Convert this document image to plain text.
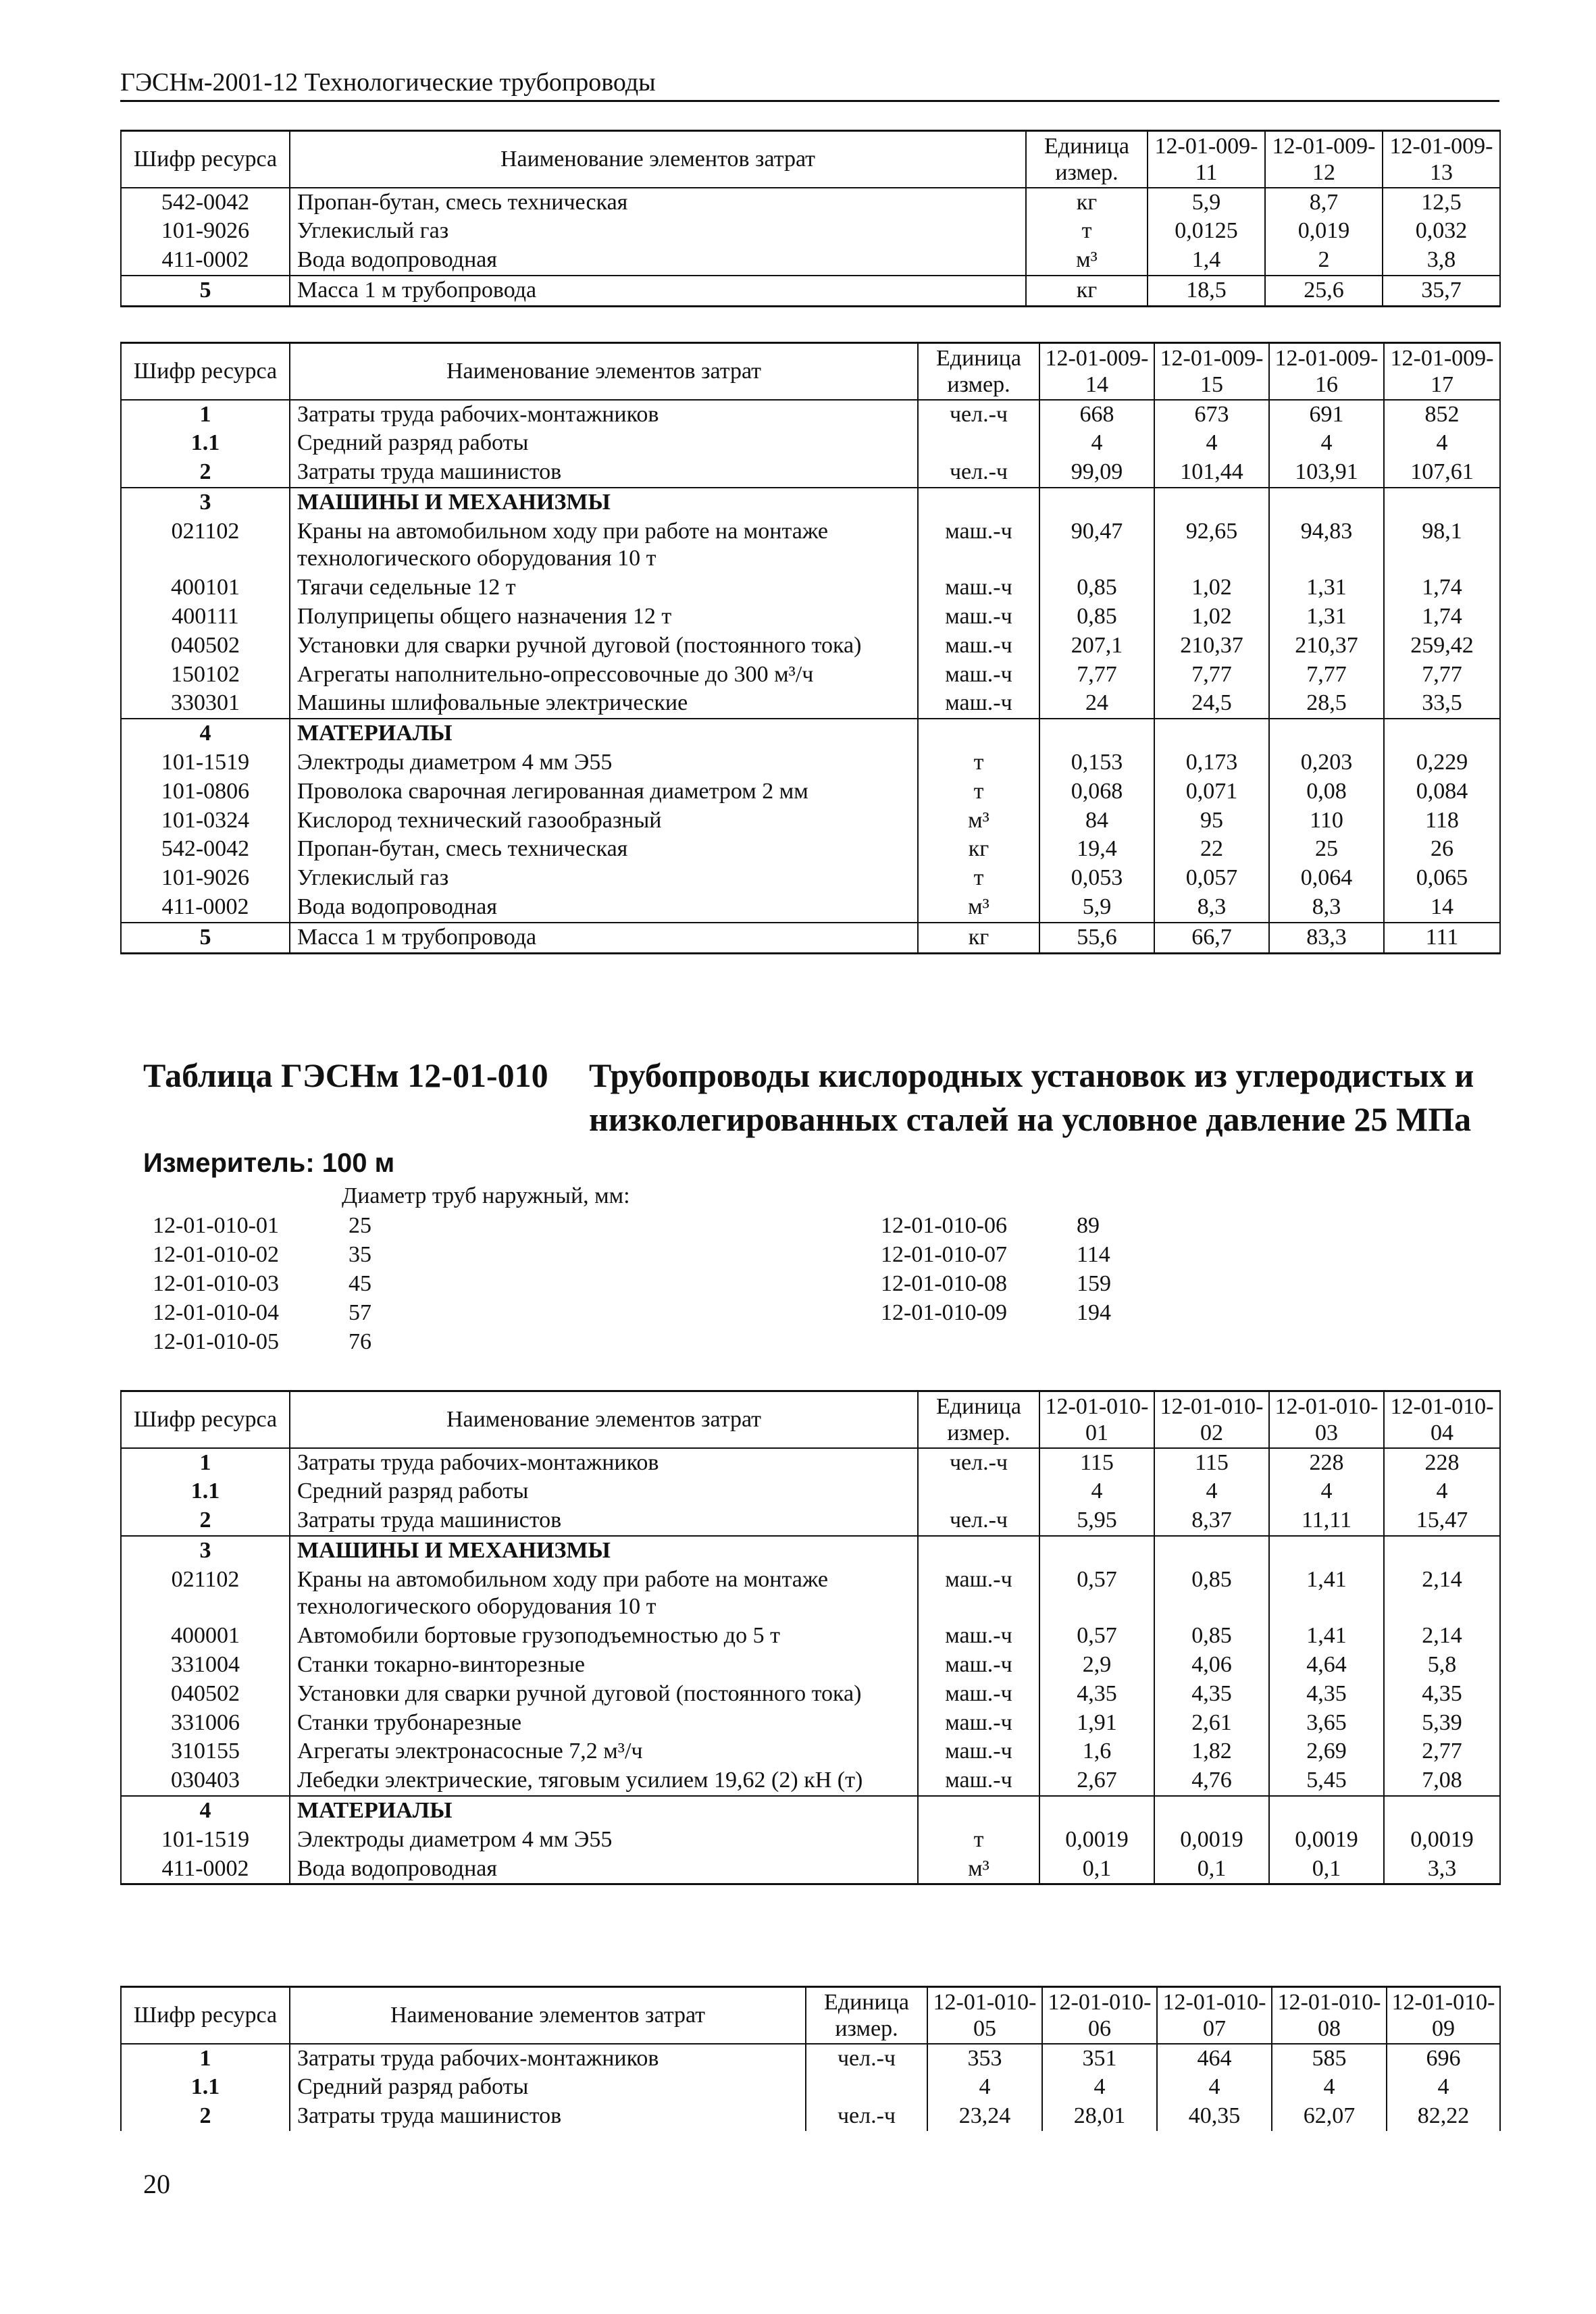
ГЭСНм-2001-12 Технологические трубопроводы
Шифр ресурса	Наименование элементов затрат	Единица измер.	12-01-009-11	12-01-009-12	12-01-009-13
542-0042	Пропан-бутан, смесь техническая	кг	5,9	8,7	12,5
101-9026	Углекислый газ	т	0,0125	0,019	0,032
411-0002	Вода водопроводная	м³	1,4	2	3,8
5	Масса 1 м трубопровода	кг	18,5	25,6	35,7
Шифр ресурса	Наименование элементов затрат	Единица измер.	12-01-009-14	12-01-009-15	12-01-009-16	12-01-009-17
1	Затраты труда рабочих-монтажников	чел.-ч	668	673	691	852
1.1	Средний разряд работы		4	4	4	4
2	Затраты труда машинистов	чел.-ч	99,09	101,44	103,91	107,61
3	МАШИНЫ И МЕХАНИЗМЫ					
021102	Краны на автомобильном ходу при работе на монтаже технологического оборудования 10 т	маш.-ч	90,47	92,65	94,83	98,1
400101	Тягачи седельные 12 т	маш.-ч	0,85	1,02	1,31	1,74
400111	Полуприцепы общего назначения 12 т	маш.-ч	0,85	1,02	1,31	1,74
040502	Установки для сварки ручной дуговой (постоянного тока)	маш.-ч	207,1	210,37	210,37	259,42
150102	Агрегаты наполнительно-опрессовочные до 300 м³/ч	маш.-ч	7,77	7,77	7,77	7,77
330301	Машины шлифовальные электрические	маш.-ч	24	24,5	28,5	33,5
4	МАТЕРИАЛЫ					
101-1519	Электроды диаметром 4 мм Э55	т	0,153	0,173	0,203	0,229
101-0806	Проволока сварочная легированная диаметром 2 мм	т	0,068	0,071	0,08	0,084
101-0324	Кислород технический газообразный	м³	84	95	110	118
542-0042	Пропан-бутан, смесь техническая	кг	19,4	22	25	26
101-9026	Углекислый газ	т	0,053	0,057	0,064	0,065
411-0002	Вода водопроводная	м³	5,9	8,3	8,3	14
5	Масса 1 м трубопровода	кг	55,6	66,7	83,3	111
Таблица ГЭСНм 12-01-010 Трубопроводы кислородных установок из углеродистых и низколегированных сталей на условное давление 25 МПа
Измеритель: 100 м
Диаметр труб наружный, мм:
12-01-010-01	25
12-01-010-02	35
12-01-010-03	45
12-01-010-04	57
12-01-010-05	76
12-01-010-06	89
12-01-010-07	114
12-01-010-08	159
12-01-010-09	194
Шифр ресурса	Наименование элементов затрат	Единица измер.	12-01-010-01	12-01-010-02	12-01-010-03	12-01-010-04
1	Затраты труда рабочих-монтажников	чел.-ч	115	115	228	228
1.1	Средний разряд работы		4	4	4	4
2	Затраты труда машинистов	чел.-ч	5,95	8,37	11,11	15,47
3	МАШИНЫ И МЕХАНИЗМЫ					
021102	Краны на автомобильном ходу при работе на монтаже технологического оборудования 10 т	маш.-ч	0,57	0,85	1,41	2,14
400001	Автомобили бортовые грузоподъемностью до 5 т	маш.-ч	0,57	0,85	1,41	2,14
331004	Станки токарно-винторезные	маш.-ч	2,9	4,06	4,64	5,8
040502	Установки для сварки ручной дуговой (постоянного тока)	маш.-ч	4,35	4,35	4,35	4,35
331006	Станки трубонарезные	маш.-ч	1,91	2,61	3,65	5,39
310155	Агрегаты электронасосные 7,2 м³/ч	маш.-ч	1,6	1,82	2,69	2,77
030403	Лебедки электрические, тяговым усилием 19,62 (2) кН (т)	маш.-ч	2,67	4,76	5,45	7,08
4	МАТЕРИАЛЫ					
101-1519	Электроды диаметром 4 мм Э55	т	0,0019	0,0019	0,0019	0,0019
411-0002	Вода водопроводная	м³	0,1	0,1	0,1	3,3
Шифр ресурса	Наименование элементов затрат	Единица измер.	12-01-010-05	12-01-010-06	12-01-010-07	12-01-010-08	12-01-010-09
1	Затраты труда рабочих-монтажников	чел.-ч	353	351	464	585	696
1.1	Средний разряд работы		4	4	4	4	4
2	Затраты труда машинистов	чел.-ч	23,24	28,01	40,35	62,07	82,22
20
